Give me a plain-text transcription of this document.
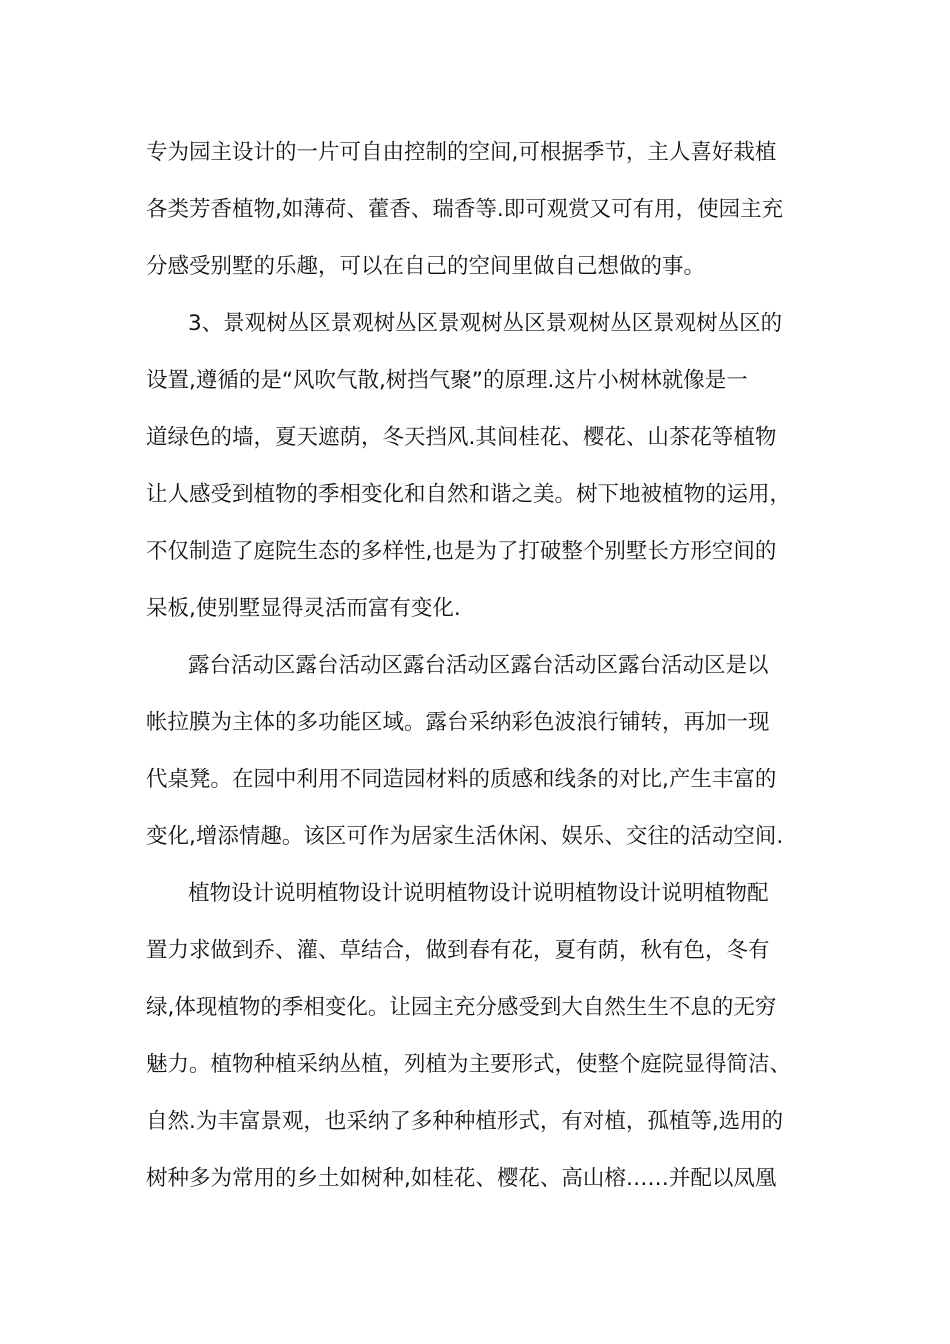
专为园主设计的一片可自由控制的空间,可根据季节，主人喜好栽植
各类芳香植物,如薄荷、藿香、瑞香等.即可观赏又可有用，使园主充
分感受别墅的乐趣，可以在自己的空间里做自己想做的事。
3、景观树丛区景观树丛区景观树丛区景观树丛区景观树丛区的
设置,遵循的是“风吹气散,树挡气聚”的原理.这片小树林就像是一
道绿色的墙，夏天遮荫，冬天挡风.其间桂花、樱花、山茶花等植物
让人感受到植物的季相变化和自然和谐之美。树下地被植物的运用，
不仅制造了庭院生态的多样性,也是为了打破整个别墅长方形空间的
呆板,使别墅显得灵活而富有变化.
露台活动区露台活动区露台活动区露台活动区露台活动区是以
帐拉膜为主体的多功能区域。露台采纳彩色波浪行铺转，再加一现
代桌凳。在园中利用不同造园材料的质感和线条的对比,产生丰富的
变化,增添情趣。该区可作为居家生活休闲、娱乐、交往的活动空间.
植物设计说明植物设计说明植物设计说明植物设计说明植物配
置力求做到乔、灌、草结合，做到春有花，夏有荫，秋有色，冬有
绿,体现植物的季相变化。让园主充分感受到大自然生生不息的无穷
魅力。植物种植采纳丛植，列植为主要形式，使整个庭院显得简洁、
自然.为丰富景观，也采纳了多种种植形式，有对植，孤植等,选用的
树种多为常用的乡土如树种,如桂花、樱花、高山榕……并配以凤凰
